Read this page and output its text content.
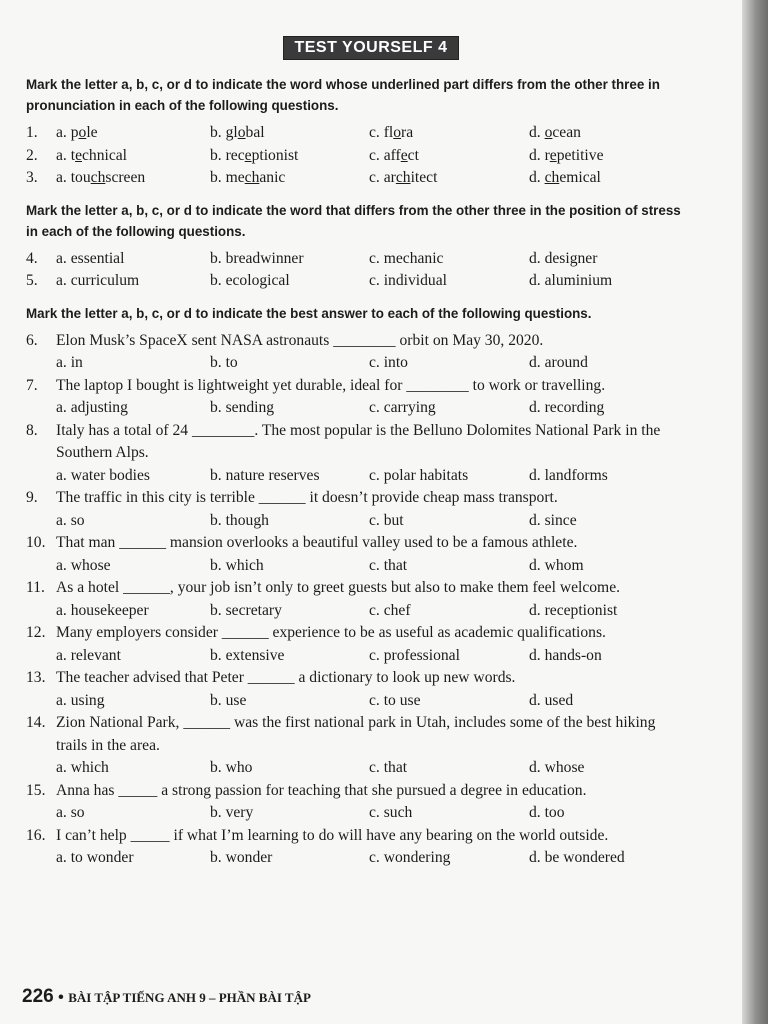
TEST YOURSELF 4

Mark the letter a, b, c, or d to indicate the word whose underlined part differs from the other three in pronunciation in each of the following questions.

1.	a. pole	b. global	c. flora	d. ocean
2.	a. technical	b. receptionist	c. affect	d. repetitive
3.	a. touchscreen	b. mechanic	c. architect	d. chemical

Mark the letter a, b, c, or d to indicate the word that differs from the other three in the position of stress in each of the following questions.

4.	a. essential	b. breadwinner	c. mechanic	d. designer
5.	a. curriculum	b. ecological	c. individual	d. aluminium

Mark the letter a, b, c, or d to indicate the best answer to each of the following questions.

6.	Elon Musk’s SpaceX sent NASA astronauts ________ orbit on May 30, 2020.
a. in	b. to	c. into	d. around
7.	The laptop I bought is lightweight yet durable, ideal for ________ to work or travelling.
a. adjusting	b. sending	c. carrying	d. recording
8.	Italy has a total of 24 ________. The most popular is the Belluno Dolomites National Park in the Southern Alps.
a. water bodies	b. nature reserves	c. polar habitats	d. landforms
9.	The traffic in this city is terrible ______ it doesn’t provide cheap mass transport.
a. so	b. though	c. but	d. since
10. That man ______ mansion overlooks a beautiful valley used to be a famous athlete.
a. whose	b. which	c. that	d. whom
11. As a hotel ______, your job isn’t only to greet guests but also to make them feel welcome.
a. housekeeper	b. secretary	c. chef	d. receptionist
12. Many employers consider ______ experience to be as useful as academic qualifications.
a. relevant	b. extensive	c. professional	d. hands-on
13. The teacher advised that Peter ______ a dictionary to look up new words.
a. using	b. use	c. to use	d. used
14. Zion National Park, ______ was the first national park in Utah, includes some of the best hiking trails in the area.
a. which	b. who	c. that	d. whose
15. Anna has _____ a strong passion for teaching that she pursued a degree in education.
a. so	b. very	c. such	d. too
16. I can’t help _____ if what I’m learning to do will have any bearing on the world outside.
a. to wonder	b. wonder	c. wondering	d. be wondered
226 • BÀI TẬP TIẾNG ANH 9 – PHẦN BÀI TẬP
